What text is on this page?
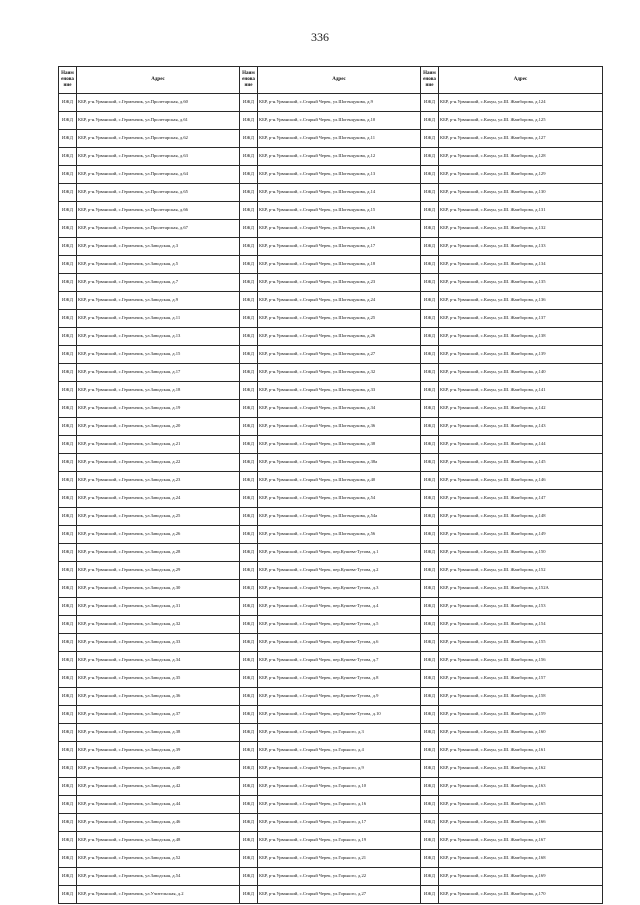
336
Наим енова ние	Адрес	Наим енова ние	Адрес	Наим енова ние	Адрес
ИЖД	КБР, р-н.Урванский, с.Герменчик, ул.Пролетарская, д.60	ИЖД	КБР, р-н.Урванский, с.Старый Черек, ул.Шогенцукова, д.9	ИЖД	КБР, р-н.Урванский, с.Кахун, ул.Ш. Жамборова, д.124
ИЖД	КБР, р-н.Урванский, с.Герменчик, ул.Пролетарская, д.61	ИЖД	КБР, р-н.Урванский, с.Старый Черек, ул.Шогенцукова, д.10	ИЖД	КБР, р-н.Урванский, с.Кахун, ул.Ш. Жамборова, д.125
ИЖД	КБР, р-н.Урванский, с.Герменчик, ул.Пролетарская, д.62	ИЖД	КБР, р-н.Урванский, с.Старый Черек, ул.Шогенцукова, д.11	ИЖД	КБР, р-н.Урванский, с.Кахун, ул.Ш. Жамборова, д.127
ИЖД	КБР, р-н.Урванский, с.Герменчик, ул.Пролетарская, д.63	ИЖД	КБР, р-н.Урванский, с.Старый Черек, ул.Шогенцукова, д.12	ИЖД	КБР, р-н.Урванский, с.Кахун, ул.Ш. Жамборова, д.128
ИЖД	КБР, р-н.Урванский, с.Герменчик, ул.Пролетарская, д.64	ИЖД	КБР, р-н.Урванский, с.Старый Черек, ул.Шогенцукова, д.13	ИЖД	КБР, р-н.Урванский, с.Кахун, ул.Ш. Жамборова, д.129
ИЖД	КБР, р-н.Урванский, с.Герменчик, ул.Пролетарская, д.65	ИЖД	КБР, р-н.Урванский, с.Старый Черек, ул.Шогенцукова, д.14	ИЖД	КБР, р-н.Урванский, с.Кахун, ул.Ш. Жамборова, д.130
ИЖД	КБР, р-н.Урванский, с.Герменчик, ул.Пролетарская, д.66	ИЖД	КБР, р-н.Урванский, с.Старый Черек, ул.Шогенцукова, д.15	ИЖД	КБР, р-н.Урванский, с.Кахун, ул.Ш. Жамборова, д.131
ИЖД	КБР, р-н.Урванский, с.Герменчик, ул.Пролетарская, д.67	ИЖД	КБР, р-н.Урванский, с.Старый Черек, ул.Шогенцукова, д.16	ИЖД	КБР, р-н.Урванский, с.Кахун, ул.Ш. Жамборова, д.132
ИЖД	КБР, р-н.Урванский, с.Герменчик, ул.Заводская, д.3	ИЖД	КБР, р-н.Урванский, с.Старый Черек, ул.Шогенцукова, д.17	ИЖД	КБР, р-н.Урванский, с.Кахун, ул.Ш. Жамборова, д.133
ИЖД	КБР, р-н.Урванский, с.Герменчик, ул.Заводская, д.5	ИЖД	КБР, р-н.Урванский, с.Старый Черек, ул.Шогенцукова, д.18	ИЖД	КБР, р-н.Урванский, с.Кахун, ул.Ш. Жамборова, д.134
ИЖД	КБР, р-н.Урванский, с.Герменчик, ул.Заводская, д.7	ИЖД	КБР, р-н.Урванский, с.Старый Черек, ул.Шогенцукова, д.23	ИЖД	КБР, р-н.Урванский, с.Кахун, ул.Ш. Жамборова, д.135
ИЖД	КБР, р-н.Урванский, с.Герменчик, ул.Заводская, д.9	ИЖД	КБР, р-н.Урванский, с.Старый Черек, ул.Шогенцукова, д.24	ИЖД	КБР, р-н.Урванский, с.Кахун, ул.Ш. Жамборова, д.136
ИЖД	КБР, р-н.Урванский, с.Герменчик, ул.Заводская, д.11	ИЖД	КБР, р-н.Урванский, с.Старый Черек, ул.Шогенцукова, д.25	ИЖД	КБР, р-н.Урванский, с.Кахун, ул.Ш. Жамборова, д.137
ИЖД	КБР, р-н.Урванский, с.Герменчик, ул.Заводская, д.13	ИЖД	КБР, р-н.Урванский, с.Старый Черек, ул.Шогенцукова, д.26	ИЖД	КБР, р-н.Урванский, с.Кахун, ул.Ш. Жамборова, д.138
ИЖД	КБР, р-н.Урванский, с.Герменчик, ул.Заводская, д.15	ИЖД	КБР, р-н.Урванский, с.Старый Черек, ул.Шогенцукова, д.27	ИЖД	КБР, р-н.Урванский, с.Кахун, ул.Ш. Жамборова, д.139
ИЖД	КБР, р-н.Урванский, с.Герменчик, ул.Заводская, д.17	ИЖД	КБР, р-н.Урванский, с.Старый Черек, ул.Шогенцукова, д.32	ИЖД	КБР, р-н.Урванский, с.Кахун, ул.Ш. Жамборова, д.140
ИЖД	КБР, р-н.Урванский, с.Герменчик, ул.Заводская, д.18	ИЖД	КБР, р-н.Урванский, с.Старый Черек, ул.Шогенцукова, д.33	ИЖД	КБР, р-н.Урванский, с.Кахун, ул.Ш. Жамборова, д.141
ИЖД	КБР, р-н.Урванский, с.Герменчик, ул.Заводская, д.19	ИЖД	КБР, р-н.Урванский, с.Старый Черек, ул.Шогенцукова, д.34	ИЖД	КБР, р-н.Урванский, с.Кахун, ул.Ш. Жамборова, д.142
ИЖД	КБР, р-н.Урванский, с.Герменчик, ул.Заводская, д.20	ИЖД	КБР, р-н.Урванский, с.Старый Черек, ул.Шогенцукова, д.36	ИЖД	КБР, р-н.Урванский, с.Кахун, ул.Ш. Жамборова, д.143
ИЖД	КБР, р-н.Урванский, с.Герменчик, ул.Заводская, д.21	ИЖД	КБР, р-н.Урванский, с.Старый Черек, ул.Шогенцукова, д.38	ИЖД	КБР, р-н.Урванский, с.Кахун, ул.Ш. Жамборова, д.144
ИЖД	КБР, р-н.Урванский, с.Герменчик, ул.Заводская, д.22	ИЖД	КБР, р-н.Урванский, с.Старый Черек, ул.Шогенцукова, д.38а	ИЖД	КБР, р-н.Урванский, с.Кахун, ул.Ш. Жамборова, д.145
ИЖД	КБР, р-н.Урванский, с.Герменчик, ул.Заводская, д.23	ИЖД	КБР, р-н.Урванский, с.Старый Черек, ул.Шогенцукова, д.40	ИЖД	КБР, р-н.Урванский, с.Кахун, ул.Ш. Жамборова, д.146
ИЖД	КБР, р-н.Урванский, с.Герменчик, ул.Заводская, д.24	ИЖД	КБР, р-н.Урванский, с.Старый Черек, ул.Шогенцукова, д.54	ИЖД	КБР, р-н.Урванский, с.Кахун, ул.Ш. Жамборова, д.147
ИЖД	КБР, р-н.Урванский, с.Герменчик, ул.Заводская, д.25	ИЖД	КБР, р-н.Урванский, с.Старый Черек, ул.Шогенцукова, д.54а	ИЖД	КБР, р-н.Урванский, с.Кахун, ул.Ш. Жамборова, д.148
ИЖД	КБР, р-н.Урванский, с.Герменчик, ул.Заводская, д.26	ИЖД	КБР, р-н.Урванский, с.Старый Черек, ул.Шогенцукова, д.56	ИЖД	КБР, р-н.Урванский, с.Кахун, ул.Ш. Жамборова, д.149
ИЖД	КБР, р-н.Урванский, с.Герменчик, ул.Заводская, д.28	ИЖД	КБР, р-н.Урванский, с.Старый Черек, пер.Кушева-Тутова, д.1	ИЖД	КБР, р-н.Урванский, с.Кахун, ул.Ш. Жамборова, д.150
ИЖД	КБР, р-н.Урванский, с.Герменчик, ул.Заводская, д.29	ИЖД	КБР, р-н.Урванский, с.Старый Черек, пер.Кушева-Тутова, д.2	ИЖД	КБР, р-н.Урванский, с.Кахун, ул.Ш. Жамборова, д.152
ИЖД	КБР, р-н.Урванский, с.Герменчик, ул.Заводская, д.30	ИЖД	КБР, р-н.Урванский, с.Старый Черек, пер.Кушева-Тутова, д.3	ИЖД	КБР, р-н.Урванский, с.Кахун, ул.Ш. Жамборова, д.152А
ИЖД	КБР, р-н.Урванский, с.Герменчик, ул.Заводская, д.31	ИЖД	КБР, р-н.Урванский, с.Старый Черек, пер.Кушева-Тутова, д.4	ИЖД	КБР, р-н.Урванский, с.Кахун, ул.Ш. Жамборова, д.153
ИЖД	КБР, р-н.Урванский, с.Герменчик, ул.Заводская, д.32	ИЖД	КБР, р-н.Урванский, с.Старый Черек, пер.Кушева-Тутова, д.5	ИЖД	КБР, р-н.Урванский, с.Кахун, ул.Ш. Жамборова, д.154
ИЖД	КБР, р-н.Урванский, с.Герменчик, ул.Заводская, д.33	ИЖД	КБР, р-н.Урванский, с.Старый Черек, пер.Кушева-Тутова, д.6	ИЖД	КБР, р-н.Урванский, с.Кахун, ул.Ш. Жамборова, д.155
ИЖД	КБР, р-н.Урванский, с.Герменчик, ул.Заводская, д.34	ИЖД	КБР, р-н.Урванский, с.Старый Черек, пер.Кушева-Тутова, д.7	ИЖД	КБР, р-н.Урванский, с.Кахун, ул.Ш. Жамборова, д.156
ИЖД	КБР, р-н.Урванский, с.Герменчик, ул.Заводская, д.35	ИЖД	КБР, р-н.Урванский, с.Старый Черек, пер.Кушева-Тутова, д.8	ИЖД	КБР, р-н.Урванский, с.Кахун, ул.Ш. Жамборова, д.157
ИЖД	КБР, р-н.Урванский, с.Герменчик, ул.Заводская, д.36	ИЖД	КБР, р-н.Урванский, с.Старый Черек, пер.Кушева-Тутова, д.9	ИЖД	КБР, р-н.Урванский, с.Кахун, ул.Ш. Жамборова, д.158
ИЖД	КБР, р-н.Урванский, с.Герменчик, ул.Заводская, д.37	ИЖД	КБР, р-н.Урванский, с.Старый Черек, пер.Кушева-Тутова, д.10	ИЖД	КБР, р-н.Урванский, с.Кахун, ул.Ш. Жамборова, д.159
ИЖД	КБР, р-н.Урванский, с.Герменчик, ул.Заводская, д.38	ИЖД	КБР, р-н.Урванский, с.Старый Черек, ул.Горького, д.3	ИЖД	КБР, р-н.Урванский, с.Кахун, ул.Ш. Жамборова, д.160
ИЖД	КБР, р-н.Урванский, с.Герменчик, ул.Заводская, д.39	ИЖД	КБР, р-н.Урванский, с.Старый Черек, ул.Горького, д.4	ИЖД	КБР, р-н.Урванский, с.Кахун, ул.Ш. Жамборова, д.161
ИЖД	КБР, р-н.Урванский, с.Герменчик, ул.Заводская, д.40	ИЖД	КБР, р-н.Урванский, с.Старый Черек, ул.Горького, д.9	ИЖД	КБР, р-н.Урванский, с.Кахун, ул.Ш. Жамборова, д.162
ИЖД	КБР, р-н.Урванский, с.Герменчик, ул.Заводская, д.42	ИЖД	КБР, р-н.Урванский, с.Старый Черек, ул.Горького, д.10	ИЖД	КБР, р-н.Урванский, с.Кахун, ул.Ш. Жамборова, д.163
ИЖД	КБР, р-н.Урванский, с.Герменчик, ул.Заводская, д.44	ИЖД	КБР, р-н.Урванский, с.Старый Черек, ул.Горького, д.16	ИЖД	КБР, р-н.Урванский, с.Кахун, ул.Ш. Жамборова, д.165
ИЖД	КБР, р-н.Урванский, с.Герменчик, ул.Заводская, д.46	ИЖД	КБР, р-н.Урванский, с.Старый Черек, ул.Горького, д.17	ИЖД	КБР, р-н.Урванский, с.Кахун, ул.Ш. Жамборова, д.166
ИЖД	КБР, р-н.Урванский, с.Герменчик, ул.Заводская, д.48	ИЖД	КБР, р-н.Урванский, с.Старый Черек, ул.Горького, д.19	ИЖД	КБР, р-н.Урванский, с.Кахун, ул.Ш. Жамборова, д.167
ИЖД	КБР, р-н.Урванский, с.Герменчик, ул.Заводская, д.52	ИЖД	КБР, р-н.Урванский, с.Старый Черек, ул.Горького, д.21	ИЖД	КБР, р-н.Урванский, с.Кахун, ул.Ш. Жамборова, д.168
ИЖД	КБР, р-н.Урванский, с.Герменчик, ул.Заводская, д.54	ИЖД	КБР, р-н.Урванский, с.Старый Черек, ул.Горького, д.22	ИЖД	КБР, р-н.Урванский, с.Кахун, ул.Ш. Жамборова, д.169
ИЖД	КБР, р-н.Урванский, с.Герменчик, ул.Учительская, д.2	ИЖД	КБР, р-н.Урванский, с.Старый Черек, ул.Горького, д.27	ИЖД	КБР, р-н.Урванский, с.Кахун, ул.Ш. Жамборова, д.170
